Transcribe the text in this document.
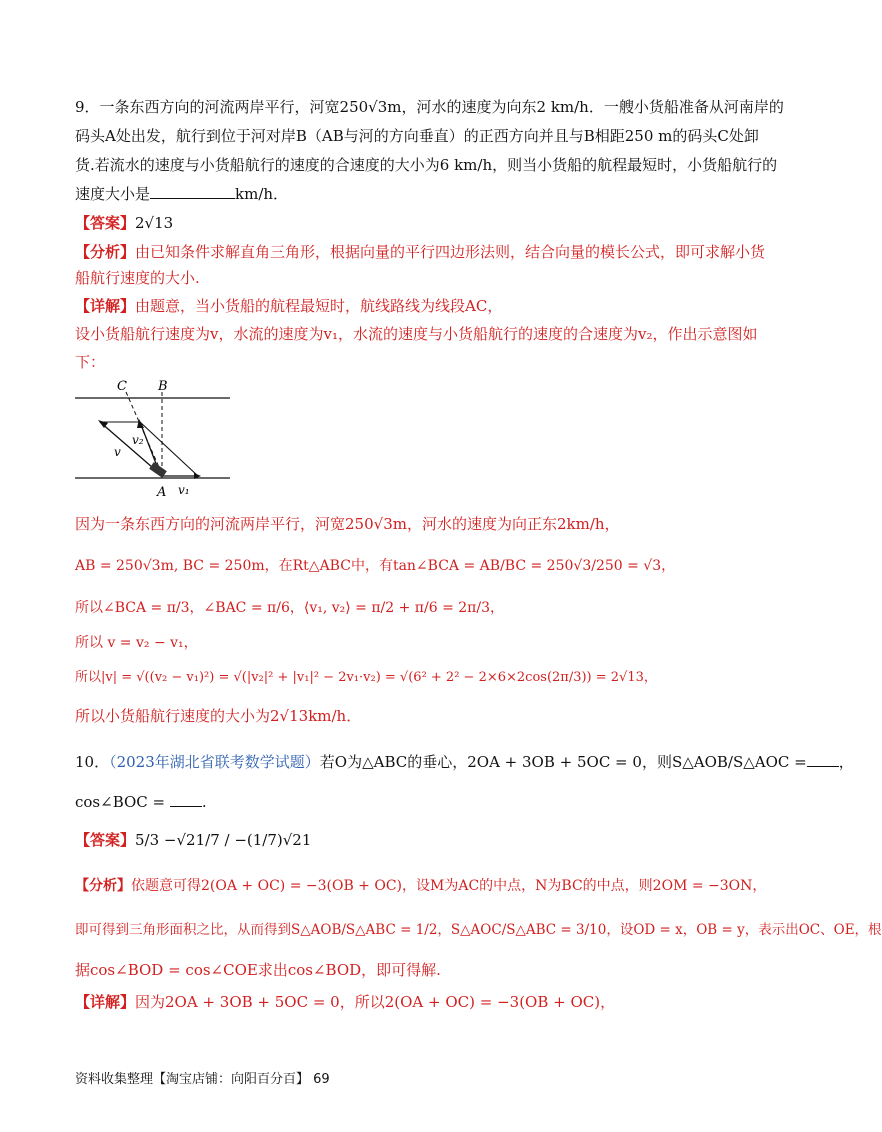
9．一条东西方向的河流两岸平行，河宽250√3m，河水的速度为向东2 km/h．一艘小货船准备从河南岸的
码头A处出发，航行到位于河对岸B（AB与河的方向垂直）的正西方向并且与B相距250 m的码头C处卸
货.若流水的速度与小货船航行的速度的合速度的大小为6 km/h，则当小货船的航程最短时，小货船航行的
速度大小是	km/h．
【答案】2√13
【分析】由已知条件求解直角三角形，根据向量的平行四边形法则，结合向量的模长公式，即可求解小货
船航行速度的大小.
【详解】由题意，当小货船的航程最短时，航线路线为线段AC，
设小货船航行速度为v，水流的速度为v₁，水流的速度与小货船航行的速度的合速度为v₂，作出示意图如
下：
C B
A
v
v₂
v₁
因为一条东西方向的河流两岸平行，河宽250√3m，河水的速度为向正东2km/h，
AB = 250√3m, BC = 250m，在Rt△ABC中，有tan∠BCA = AB/BC = 250√3/250 = √3，
所以∠BCA = π/3，∠BAC = π/6，⟨v₁, v₂⟩ = π/2 + π/6 = 2π/3，
所以 v = v₂ − v₁，
所以|v| = √((v₂ − v₁)²) = √(|v₂|² + |v₁|² − 2v₁·v₂) = √(6² + 2² − 2×6×2cos(2π/3)) = 2√13，
所以小货船航行速度的大小为2√13km/h．
10．（2023年湖北省联考数学试题）若O为△ABC的垂心，2OA + 3OB + 5OC = 0，则S△AOB/S△AOC = ，
cos∠BOC = .
【答案】5/3 −√21/7 / −(1/7)√21
【分析】依题意可得2(OA + OC) = −3(OB + OC)，设M为AC的中点，N为BC的中点，则2OM = −3ON，
即可得到三角形面积之比，从而得到S△AOB/S△ABC = 1/2，S△AOC/S△ABC = 3/10，设OD = x，OB = y，表示出OC、OE，根
据cos∠BOD = cos∠COE求出cos∠BOD，即可得解.
【详解】因为2OA + 3OB + 5OC = 0，所以2(OA + OC) = −3(OB + OC)，
资料收集整理【淘宝店铺：向阳百分百】 69
